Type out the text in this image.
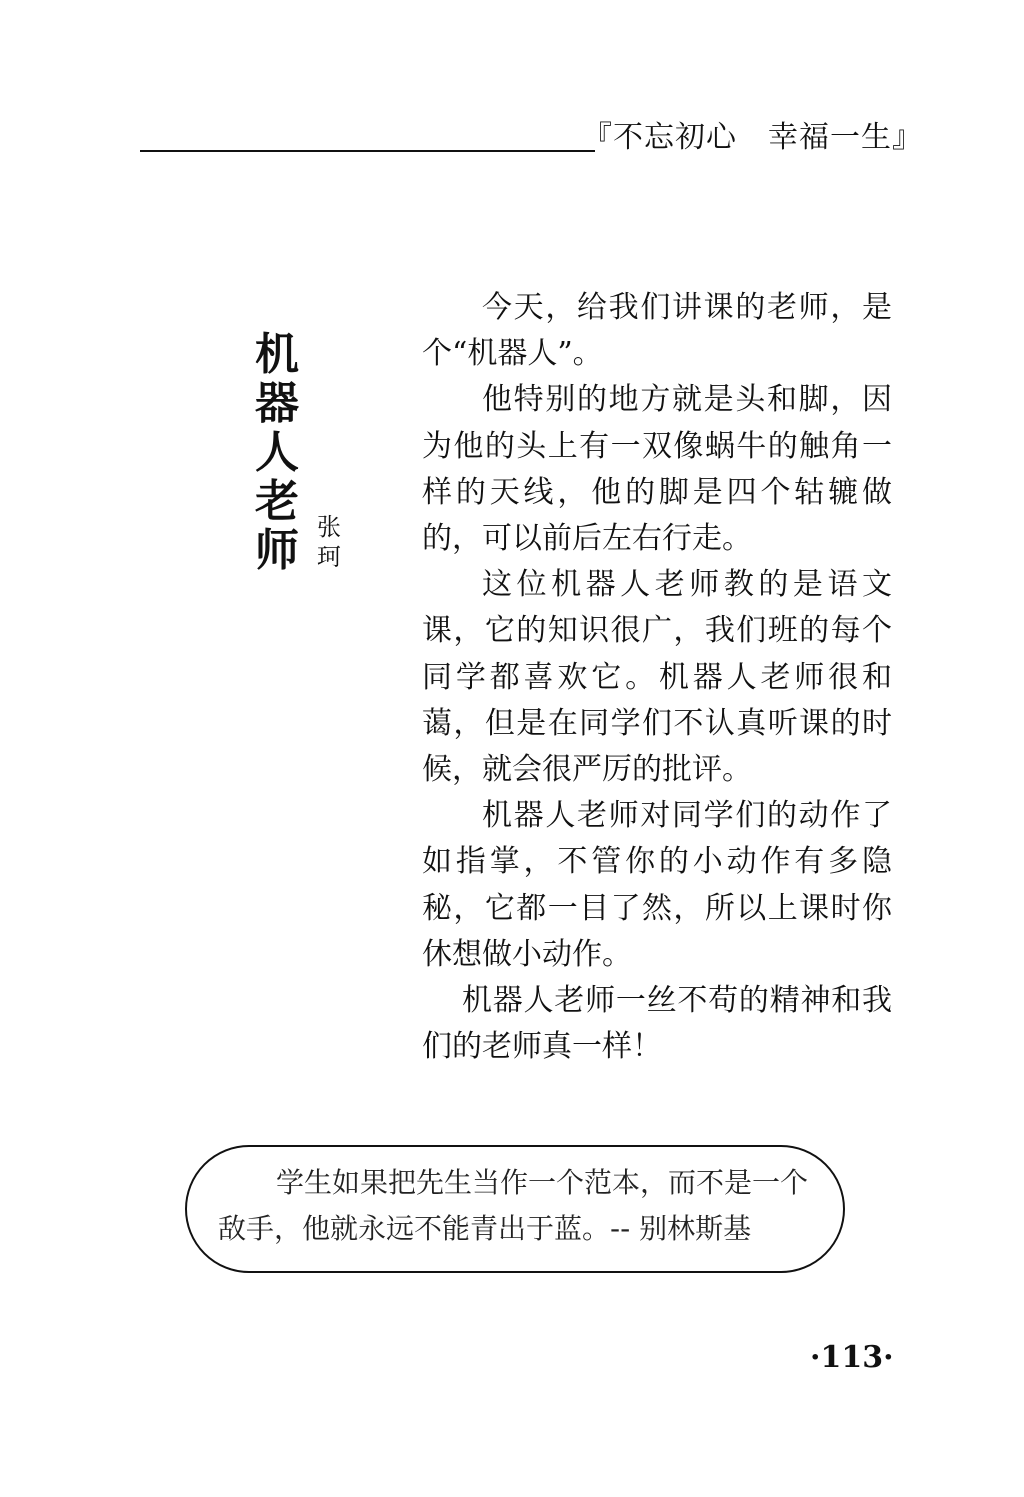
『不忘初心　幸福一生』
机
器
人
老
师 张
珂

今天，给我们讲课的老师，是个“机器人”。

他特别的地方就是头和脚，因为他的头上有一双像蜗牛的触角一样的天线，他的脚是四个轱辘做的，可以前后左右行走。

这位机器人老师教的是语文课，它的知识很广，我们班的每个同学都喜欢它。机器人老师很和蔼，但是在同学们不认真听课的时候，就会很严厉的批评。

机器人老师对同学们的动作了如指掌，不管你的小动作有多隐秘，它都一目了然，所以上课时你休想做小动作。

机器人老师一丝不苟的精神和我们的老师真一样！

学生如果把先生当作一个范本，而不是一个敌手，他就永远不能青出于蓝。-- 别林斯基
·113·
